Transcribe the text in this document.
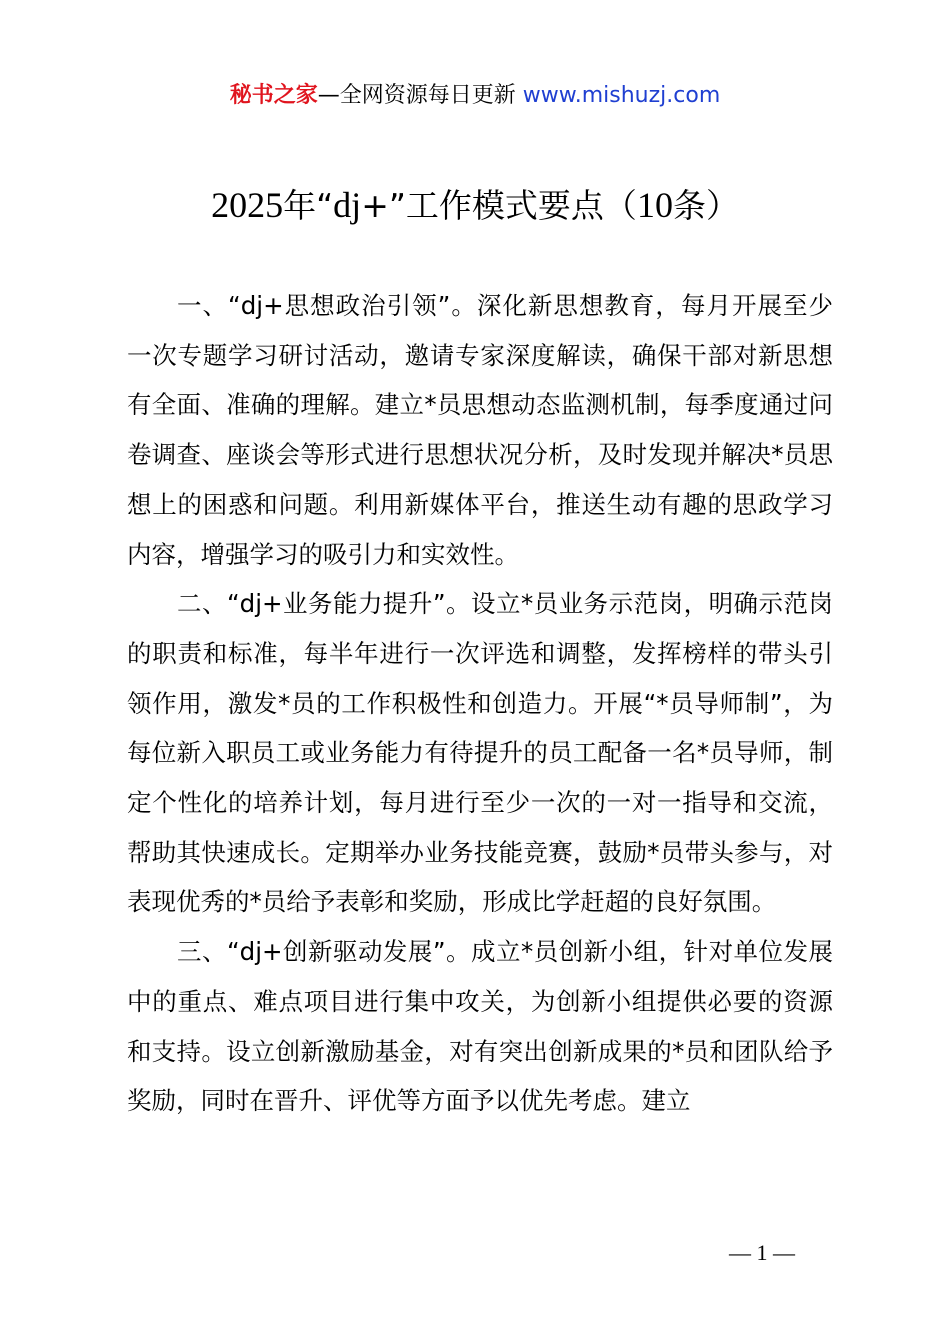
秘书之家—全网资源每日更新 www.mishuzj.com
2025年“dj+”工作模式要点（10条）

一、“dj+思想政治引领”。深化新思想教育，每月开展至少一次专题学习研讨活动，邀请专家深度解读，确保干部对新思想有全面、准确的理解。建立*员思想动态监测机制，每季度通过问卷调查、座谈会等形式进行思想状况分析，及时发现并解决*员思想上的困惑和问题。利用新媒体平台，推送生动有趣的思政学习内容，增强学习的吸引力和实效性。

二、“dj+业务能力提升”。设立*员业务示范岗，明确示范岗的职责和标准，每半年进行一次评选和调整，发挥榜样的带头引领作用，激发*员的工作积极性和创造力。开展“*员导师制”，为每位新入职员工或业务能力有待提升的员工配备一名*员导师，制定个性化的培养计划，每月进行至少一次的一对一指导和交流，帮助其快速成长。定期举办业务技能竞赛，鼓励*员带头参与，对表现优秀的*员给予表彰和奖励，形成比学赶超的良好氛围。

三、“dj+创新驱动发展”。成立*员创新小组，针对单位发展中的重点、难点项目进行集中攻关，为创新小组提供必要的资源和支持。设立创新激励基金，对有突出创新成果的*员和团队给予奖励，同时在晋升、评优等方面予以优先考虑。建立

— 1 —
